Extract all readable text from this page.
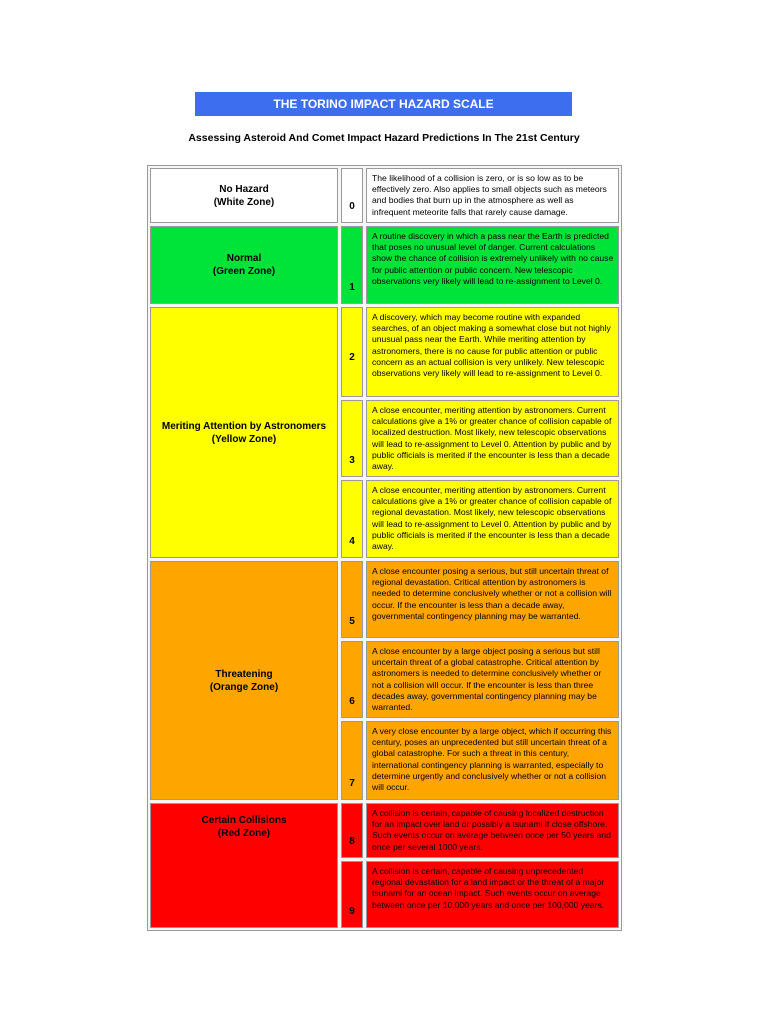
THE TORINO IMPACT HAZARD SCALE
Assessing Asteroid And Comet Impact Hazard Predictions In The 21st Century
No Hazard
(White Zone)
Normal
(Green Zone)
Meriting Attention by Astronomers
(Yellow Zone)
Threatening
(Orange Zone)
Certain Collisions
(Red Zone)
0
The likelihood of a collision is zero, or is so low as to be effectively zero. Also applies to small objects such as meteors and bodies that burn up in the atmosphere as well as infrequent meteorite falls that rarely cause damage.
1
A routine discovery in which a pass near the Earth is predicted that poses no unusual level of danger. Current calculations show the chance of collision is extremely unlikely with no cause for public attention or public concern. New telescopic observations very likely will lead to re-assignment to Level 0.
2
A discovery, which may become routine with expanded searches, of an object making a somewhat close but not highly unusual pass near the Earth. While meriting attention by astronomers, there is no cause for public attention or public concern as an actual collision is very unlikely. New telescopic observations very likely will lead to re-assignment to Level 0.
3
A close encounter, meriting attention by astronomers. Current calculations give a 1% or greater chance of collision capable of localized destruction. Most likely, new telescopic observations will lead to re-assignment to Level 0. Attention by public and by public officials is merited if the encounter is less than a decade away.
4
A close encounter, meriting attention by astronomers. Current calculations give a 1% or greater chance of collision capable of regional devastation. Most likely, new telescopic observations will lead to re-assignment to Level 0. Attention by public and by public officials is merited if the encounter is less than a decade away.
5
A close encounter posing a serious, but still uncertain threat of regional devastation. Critical attention by astronomers is needed to determine conclusively whether or not a collision will occur. If the encounter is less than a decade away, governmental contingency planning may be warranted.
6
A close encounter by a large object posing a serious but still uncertain threat of a global catastrophe. Critical attention by astronomers is needed to determine conclusively whether or not a collision will occur. If the encounter is less than three decades away, governmental contingency planning may be warranted.
7
A very close encounter by a large object, which if occurring this century, poses an unprecedented but still uncertain threat of a global catastrophe. For such a threat in this century, international contingency planning is warranted, especially to determine urgently and conclusively whether or not a collision will occur.
8
A collision is certain, capable of causing localized destruction for an impact over land or possibly a tsunami if close offshore. Such events occur on average between once per 50 years and once per several 1000 years.
9
A collision is certain, capable of causing unprecedented regional devastation for a land impact or the threat of a major tsunami for an ocean impact. Such events occur on average between once per 10,000 years and once per 100,000 years.
